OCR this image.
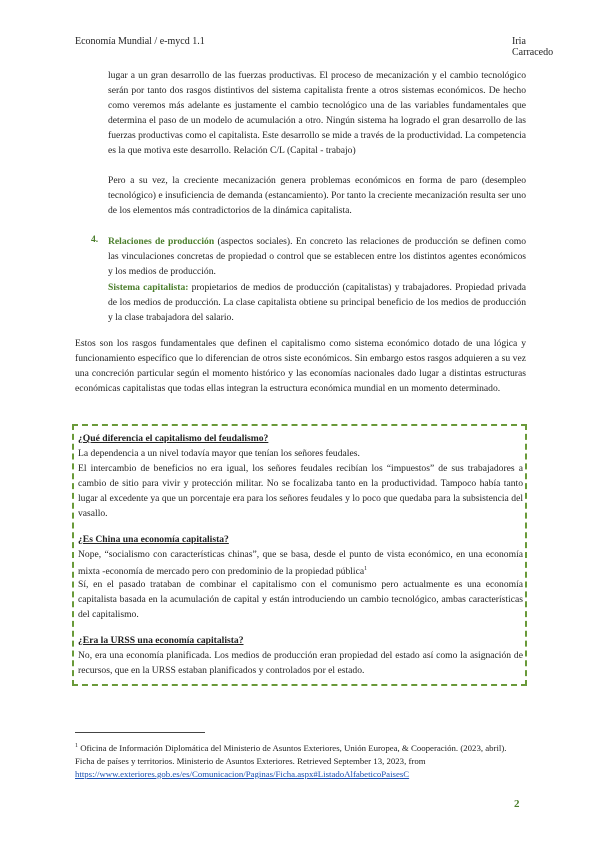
Economía Mundial / e-mycd 1.1	Iria Carracedo
lugar a un gran desarrollo de las fuerzas productivas. El proceso de mecanización y el cambio tecnológico serán por tanto dos rasgos distintivos del sistema capitalista frente a otros sistemas económicos. De hecho como veremos más adelante es justamente el cambio tecnológico una de las variables fundamentales que determina el paso de un modelo de acumulación a otro. Ningún sistema ha logrado el gran desarrollo de las fuerzas productivas como el capitalista. Este desarrollo se mide a través de la productividad. La competencia es la que motiva este desarrollo. Relación C/L (Capital - trabajo)
Pero a su vez, la creciente mecanización genera problemas económicos en forma de paro (desempleo tecnológico) e insuficiencia de demanda (estancamiento). Por tanto la creciente mecanización resulta ser uno de los elementos más contradictorios de la dinámica capitalista.
4. Relaciones de producción (aspectos sociales). En concreto las relaciones de producción se definen como las vinculaciones concretas de propiedad o control que se establecen entre los distintos agentes económicos y los medios de producción.
Sistema capitalista: propietarios de medios de producción (capitalistas) y trabajadores. Propiedad privada de los medios de producción. La clase capitalista obtiene su principal beneficio de los medios de producción y la clase trabajadora del salario.
Estos son los rasgos fundamentales que definen el capitalismo como sistema económico dotado de una lógica y funcionamiento específico que lo diferencian de otros siste económicos. Sin embargo estos rasgos adquieren a su vez una concreción particular según el momento histórico y las economías nacionales dado lugar a distintas estructuras económicas capitalistas que todas ellas integran la estructura económica mundial en un momento determinado.
¿Qué diferencia el capitalismo del feudalismo?
La dependencia a un nivel todavía mayor que tenían los señores feudales.
El intercambio de beneficios no era igual, los señores feudales recibían los “impuestos” de sus trabajadores a cambio de sitio para vivir y protección militar. No se focalizaba tanto en la productividad. Tampoco había tanto lugar al excedente ya que un porcentaje era para los señores feudales y lo poco que quedaba para la subsistencia del vasallo.
¿Es China una economía capitalista?
Nope, “socialismo con características chinas”, que se basa, desde el punto de vista económico, en una economía mixta -economía de mercado pero con predominio de la propiedad pública$^1$
Sí, en el pasado trataban de combinar el capitalismo con el comunismo pero actualmente es una economía capitalista basada en la acumulación de capital y están introduciendo un cambio tecnológico, ambas características del capitalismo.
¿Era la URSS una economía capitalista?
No, era una economía planificada. Los medios de producción eran propiedad del estado así como la asignación de recursos, que en la URSS estaban planificados y controlados por el estado.
$^1$ Oficina de Información Diplomática del Ministerio de Asuntos Exteriores, Unión Europea, & Cooperación. (2023, abril). Ficha de países y territorios. Ministerio de Asuntos Exteriores. Retrieved September 13, 2023, from https://www.exteriores.gob.es/es/Comunicacion/Paginas/Ficha.aspx#ListadoAlfabeticoPaisesC
2
